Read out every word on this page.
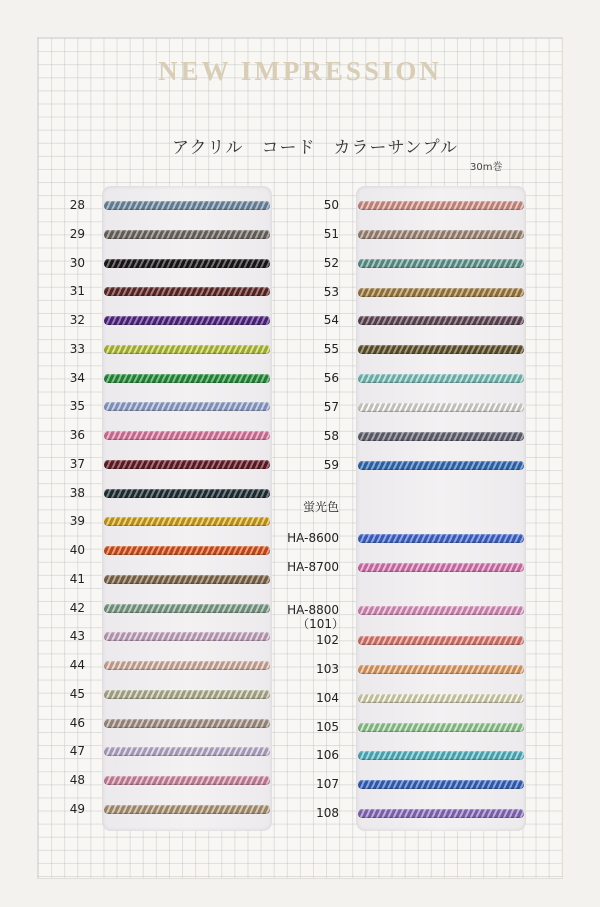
NEW IMPRESSION
アクリル　コード　カラーサンプル
30m巻
28
29
30
31
32
33
34
35
36
37
38
39
40
41
42
43
44
45
46
47
48
49
50
51
52
53
54
55
56
57
58
59
蛍光色
HA-8600
HA-8700
HA-8800
（101）
102
103
104
105
106
107
108
